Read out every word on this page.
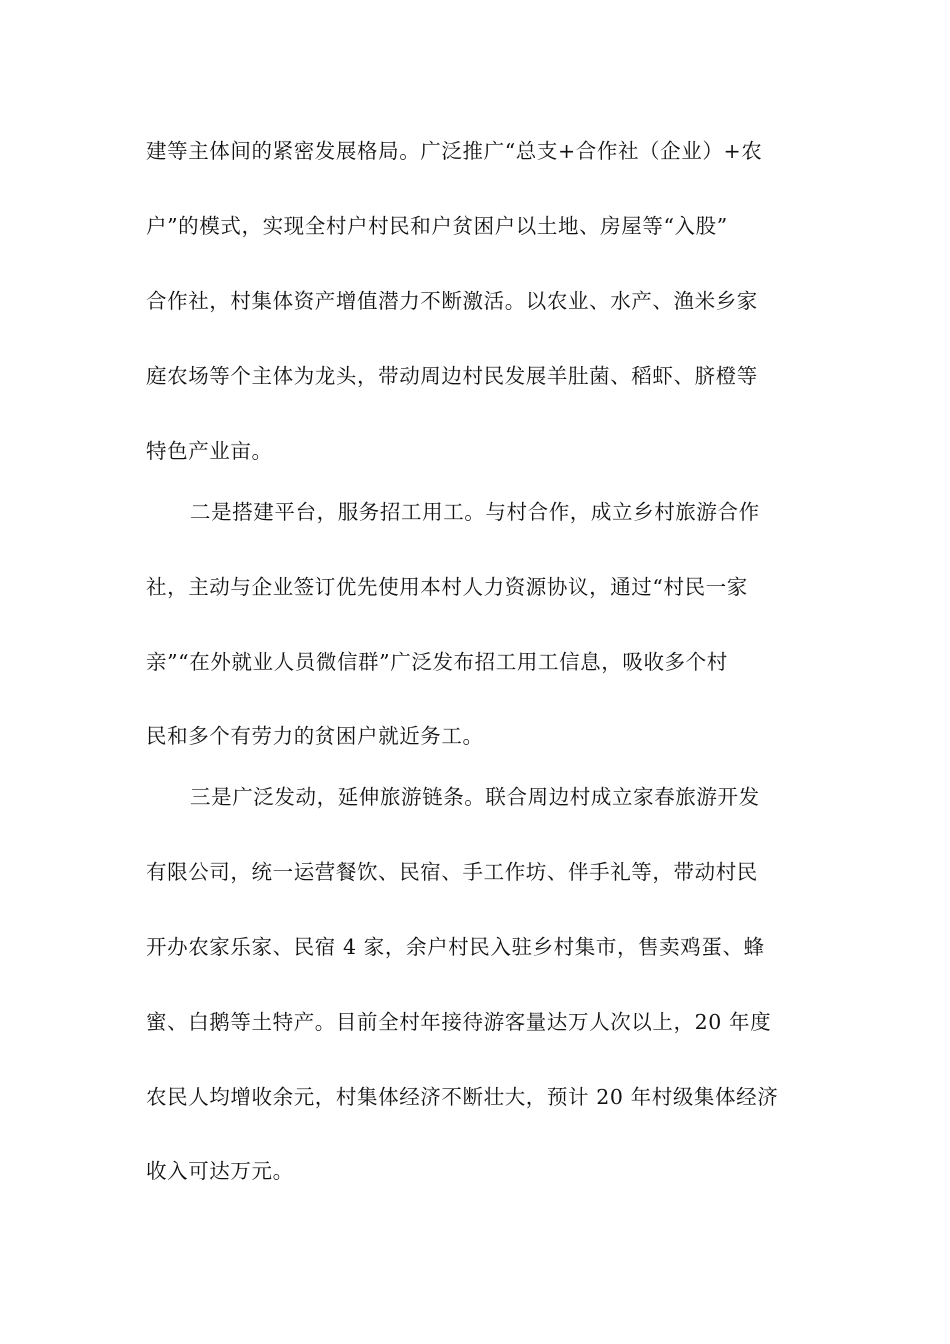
建等主体间的紧密发展格局。广泛推广“总支+合作社（企业）+农
户”的模式，实现全村户村民和户贫困户以土地、房屋等“入股”
合作社，村集体资产增值潜力不断激活。以农业、水产、渔米乡家
庭农场等个主体为龙头，带动周边村民发展羊肚菌、稻虾、脐橙等
特色产业亩。
二是搭建平台，服务招工用工。与村合作，成立乡村旅游合作
社，主动与企业签订优先使用本村人力资源协议，通过“村民一家
亲”“在外就业人员微信群”广泛发布招工用工信息，吸收多个村
民和多个有劳力的贫困户就近务工。
三是广泛发动，延伸旅游链条。联合周边村成立家春旅游开发
有限公司，统一运营餐饮、民宿、手工作坊、伴手礼等，带动村民
开办农家乐家、民宿 4 家，余户村民入驻乡村集市，售卖鸡蛋、蜂
蜜、白鹅等土特产。目前全村年接待游客量达万人次以上，20 年度
农民人均增收余元，村集体经济不断壮大，预计 20 年村级集体经济
收入可达万元。
